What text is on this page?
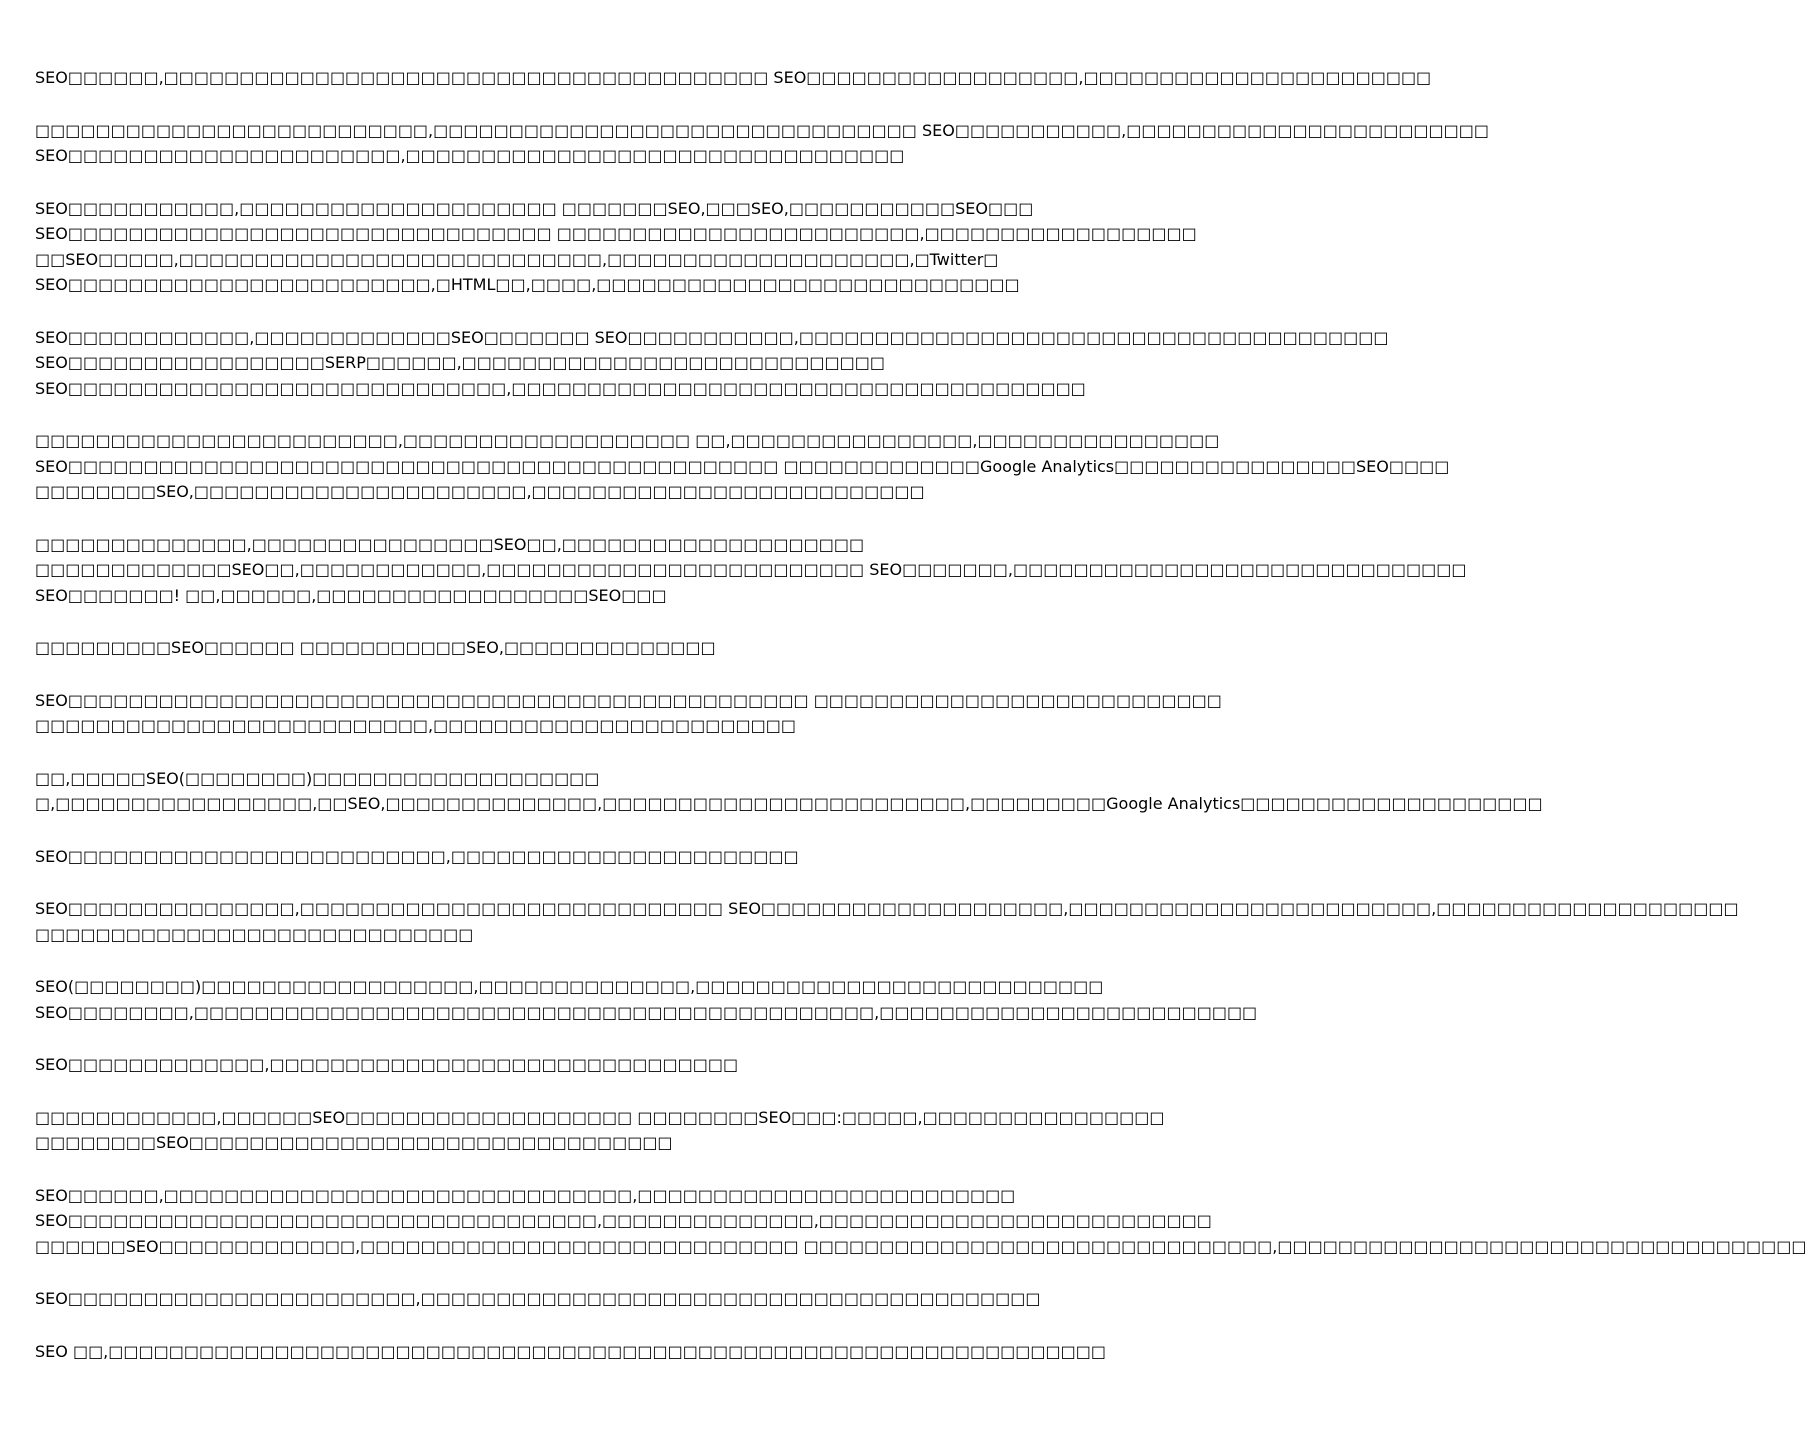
SEO□□□□□□,□□□□□□□□□□□□□□□□□□□□□□□□□□□□□□□□□□□□□□□□ SEO□□□□□□□□□□□□□□□□□□,□□□□□□□□□□□□□□□□□□□□□□□
□□□□□□□□□□□□□□□□□□□□□□□□□□,□□□□□□□□□□□□□□□□□□□□□□□□□□□□□□□□ SEO□□□□□□□□□□□,□□□□□□□□□□□□□□□□□□□□□□□□
SEO□□□□□□□□□□□□□□□□□□□□□□,□□□□□□□□□□□□□□□□□□□□□□□□□□□□□□□□□
SEO□□□□□□□□□□□,□□□□□□□□□□□□□□□□□□□□□ □□□□□□□SEO,□□□SEO,□□□□□□□□□□□SEO□□□
SEO□□□□□□□□□□□□□□□□□□□□□□□□□□□□□□□□ □□□□□□□□□□□□□□□□□□□□□□□□,□□□□□□□□□□□□□□□□□□
□□SEO□□□□□,□□□□□□□□□□□□□□□□□□□□□□□□□□□□,□□□□□□□□□□□□□□□□□□□□,□Twitter□
SEO□□□□□□□□□□□□□□□□□□□□□□□□,□HTML□□,□□□□,□□□□□□□□□□□□□□□□□□□□□□□□□□□□
SEO□□□□□□□□□□□□,□□□□□□□□□□□□□SEO□□□□□□□ SEO□□□□□□□□□□□,□□□□□□□□□□□□□□□□□□□□□□□□□□□□□□□□□□□□□□□
SEO□□□□□□□□□□□□□□□□□SERP□□□□□□,□□□□□□□□□□□□□□□□□□□□□□□□□□□□
SEO□□□□□□□□□□□□□□□□□□□□□□□□□□□□□,□□□□□□□□□□□□□□□□□□□□□□□□□□□□□□□□□□□□□□
□□□□□□□□□□□□□□□□□□□□□□□□,□□□□□□□□□□□□□□□□□□□ □□,□□□□□□□□□□□□□□□□,□□□□□□□□□□□□□□□□
SEO□□□□□□□□□□□□□□□□□□□□□□□□□□□□□□□□□□□□□□□□□□□□□□□ □□□□□□□□□□□□□Google Analytics□□□□□□□□□□□□□□□□SEO□□□□
□□□□□□□□SEO,□□□□□□□□□□□□□□□□□□□□□□,□□□□□□□□□□□□□□□□□□□□□□□□□□
□□□□□□□□□□□□□□,□□□□□□□□□□□□□□□□SEO□□,□□□□□□□□□□□□□□□□□□□□
□□□□□□□□□□□□□SEO□□,□□□□□□□□□□□□,□□□□□□□□□□□□□□□□□□□□□□□□□ SEO□□□□□□□,□□□□□□□□□□□□□□□□□□□□□□□□□□□□□□
SEO□□□□□□□! □□,□□□□□□,□□□□□□□□□□□□□□□□□□SEO□□□
□□□□□□□□□SEO□□□□□□ □□□□□□□□□□□SEO,□□□□□□□□□□□□□□
SEO□□□□□□□□□□□□□□□□□□□□□□□□□□□□□□□□□□□□□□□□□□□□□□□□□ □□□□□□□□□□□□□□□□□□□□□□□□□□□
□□□□□□□□□□□□□□□□□□□□□□□□□□,□□□□□□□□□□□□□□□□□□□□□□□□
□□,□□□□□SEO(□□□□□□□□)□□□□□□□□□□□□□□□□□□□
□,□□□□□□□□□□□□□□□□□,□□SEO,□□□□□□□□□□□□□□,□□□□□□□□□□□□□□□□□□□□□□□□,□□□□□□□□□Google Analytics□□□□□□□□□□□□□□□□□□□□
SEO□□□□□□□□□□□□□□□□□□□□□□□□□,□□□□□□□□□□□□□□□□□□□□□□□
SEO□□□□□□□□□□□□□□□,□□□□□□□□□□□□□□□□□□□□□□□□□□□□ SEO□□□□□□□□□□□□□□□□□□□□,□□□□□□□□□□□□□□□□□□□□□□□□,□□□□□□□□□□□□□□□□□□□□
□□□□□□□□□□□□□□□□□□□□□□□□□□□□□
SEO(□□□□□□□□)□□□□□□□□□□□□□□□□□□,□□□□□□□□□□□□□□,□□□□□□□□□□□□□□□□□□□□□□□□□□□
SEO□□□□□□□□,□□□□□□□□□□□□□□□□□□□□□□□□□□□□□□□□□□□□□□□□□□□□□,□□□□□□□□□□□□□□□□□□□□□□□□□
SEO□□□□□□□□□□□□□,□□□□□□□□□□□□□□□□□□□□□□□□□□□□□□□
□□□□□□□□□□□□,□□□□□□SEO□□□□□□□□□□□□□□□□□□□ □□□□□□□□SEO□□□:□□□□□,□□□□□□□□□□□□□□□□
□□□□□□□□SEO□□□□□□□□□□□□□□□□□□□□□□□□□□□□□□□□
SEO□□□□□□,□□□□□□□□□□□□□□□□□□□□□□□□□□□□□□□,□□□□□□□□□□□□□□□□□□□□□□□□□
SEO□□□□□□□□□□□□□□□□□□□□□□□□□□□□□□□□□□□,□□□□□□□□□□□□□□,□□□□□□□□□□□□□□□□□□□□□□□□□□
□□□□□□SEO□□□□□□□□□□□□□,□□□□□□□□□□□□□□□□□□□□□□□□□□□□□ □□□□□□□□□□□□□□□□□□□□□□□□□□□□□□□,□□□□□□□□□□□□□□□□□□□□□□□□□□□□□□□□□□□
SEO□□□□□□□□□□□□□□□□□□□□□□□,□□□□□□□□□□□□□□□□□□□□□□□□□□□□□□□□□□□□□□□□□
SEO □□,□□□□□□□□□□□□□□□□□□□□□□□□□□□□□□□□□□□□□□□□□□□□□□□□□□□□□□□□□□□□□□□□□□
